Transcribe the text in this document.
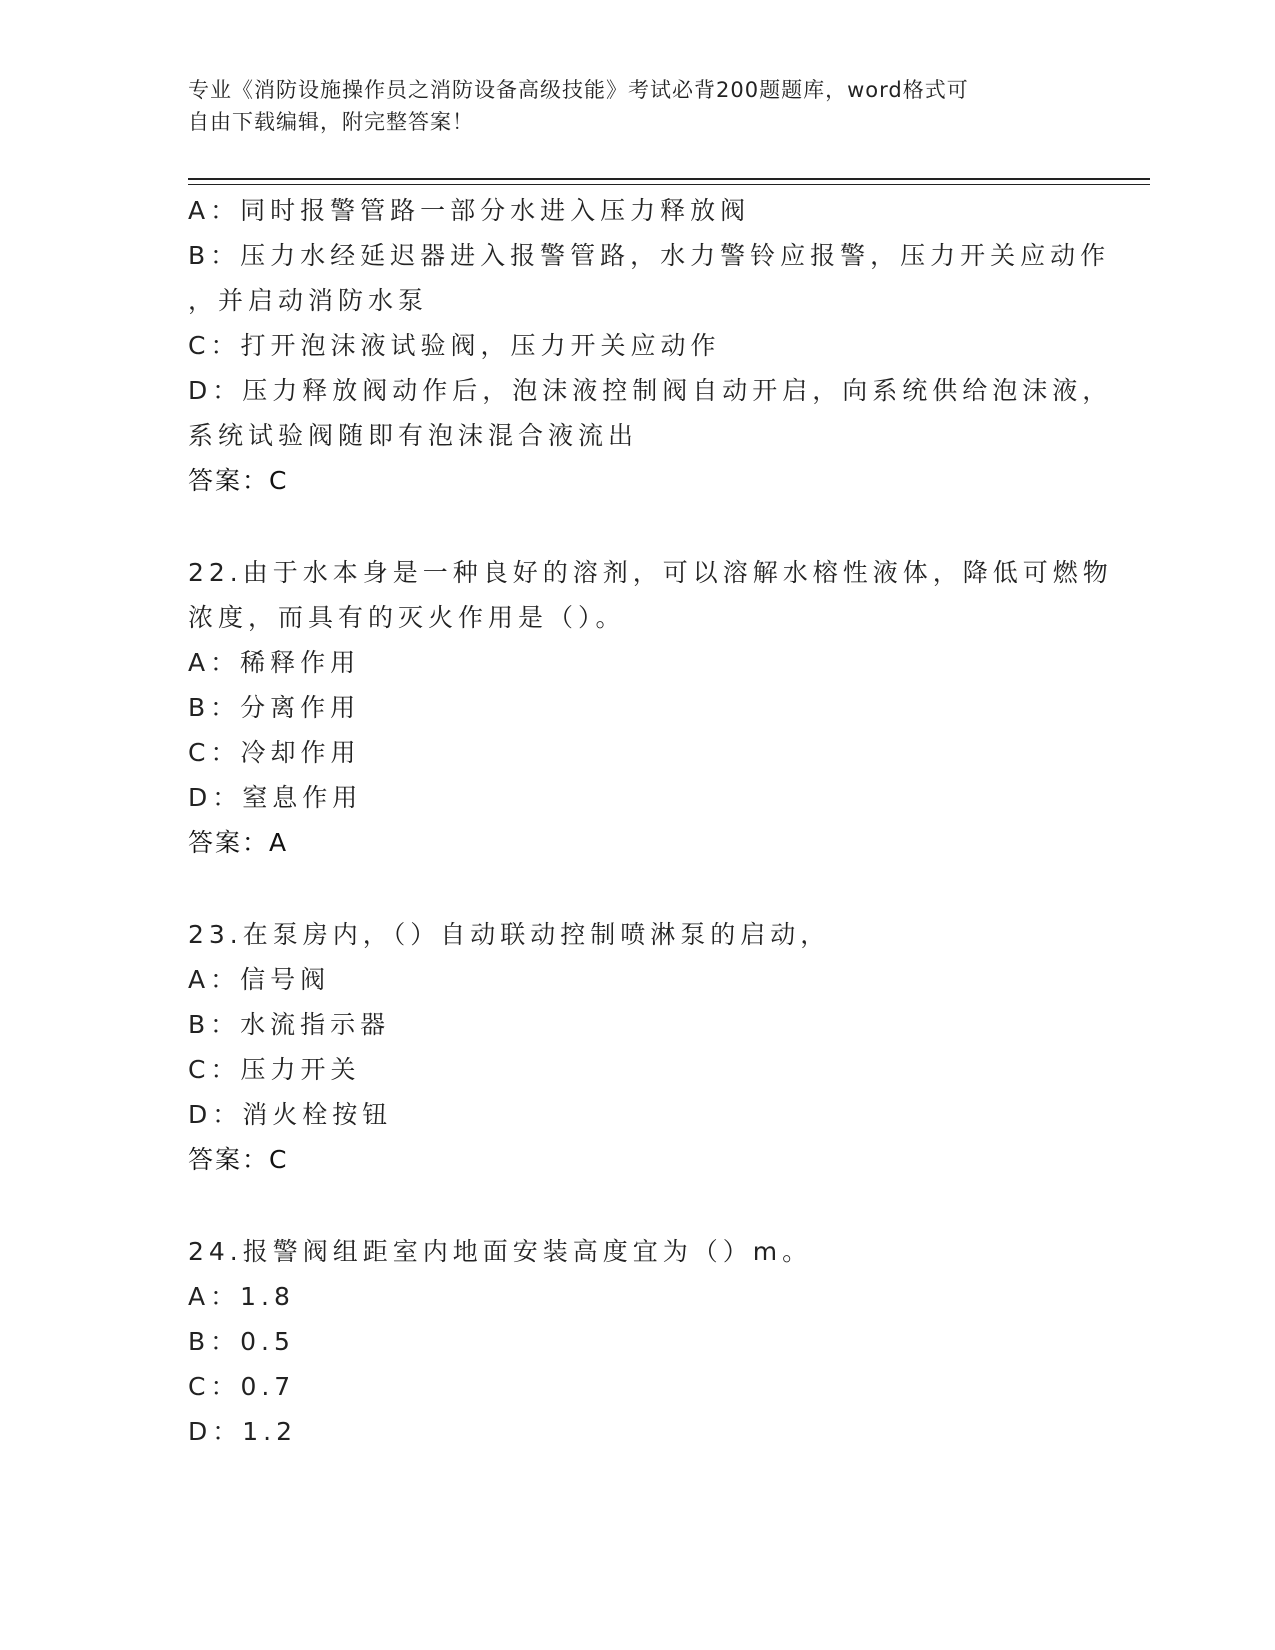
专业《消防设施操作员之消防设备高级技能》考试必背200题题库，word格式可
自由下载编辑，附完整答案！
A：同时报警管路一部分水进入压力释放阀
B：压力水经延迟器进入报警管路，水力警铃应报警，压力开关应动作
，并启动消防水泵
C：打开泡沫液试验阀，压力开关应动作
D：压力释放阀动作后，泡沫液控制阀自动开启，向系统供给泡沫液，
系统试验阀随即有泡沫混合液流出
答案：C
22.由于水本身是一种良好的溶剂，可以溶解水榕性液体，降低可燃物
浓度，而具有的灭火作用是（）。
A：稀释作用
B：分离作用
C：冷却作用
D：窒息作用
答案：A
23.在泵房内，（）自动联动控制喷淋泵的启动，
A：信号阀
B：水流指示器
C：压力开关
D：消火栓按钮
答案：C
24.报警阀组距室内地面安装高度宜为（）m。
A：1.8
B：0.5
C：0.7
D：1.2
